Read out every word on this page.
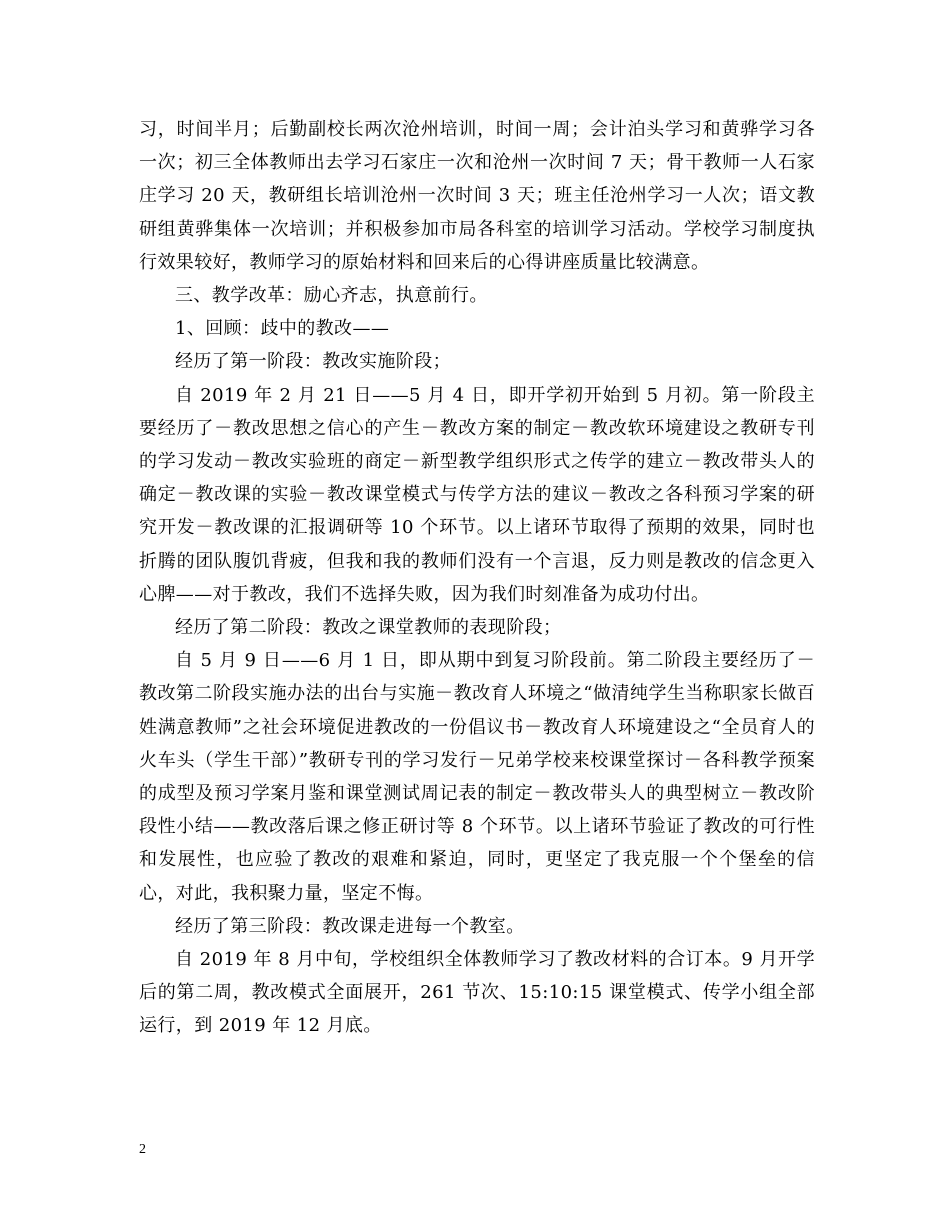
习，时间半月；后勤副校长两次沧州培训，时间一周；会计泊头学习和黄骅学习各一次；初三全体教师出去学习石家庄一次和沧州一次时间 7 天；骨干教师一人石家庄学习 20 天，教研组长培训沧州一次时间 3 天；班主任沧州学习一人次；语文教研组黄骅集体一次培训；并积极参加市局各科室的培训学习活动。学校学习制度执行效果较好，教师学习的原始材料和回来后的心得讲座质量比较满意。

三、教学改革：励心齐志，执意前行。

1、回顾：歧中的教改——

经历了第一阶段：教改实施阶段；

自 2019 年 2 月 21 日——5 月 4 日，即开学初开始到 5 月初。第一阶段主要经历了－教改思想之信心的产生－教改方案的制定－教改软环境建设之教研专刊的学习发动－教改实验班的商定－新型教学组织形式之传学的建立－教改带头人的确定－教改课的实验－教改课堂模式与传学方法的建议－教改之各科预习学案的研究开发－教改课的汇报调研等 10 个环节。以上诸环节取得了预期的效果，同时也折腾的团队腹饥背疲，但我和我的教师们没有一个言退，反力则是教改的信念更入心脾——对于教改，我们不选择失败，因为我们时刻准备为成功付出。

经历了第二阶段：教改之课堂教师的表现阶段；

自 5 月 9 日——6 月 1 日，即从期中到复习阶段前。第二阶段主要经历了－教改第二阶段实施办法的出台与实施－教改育人环境之“做清纯学生当称职家长做百姓满意教师”之社会环境促进教改的一份倡议书－教改育人环境建设之“全员育人的火车头（学生干部）”教研专刊的学习发行－兄弟学校来校课堂探讨－各科教学预案的成型及预习学案月鉴和课堂测试周记表的制定－教改带头人的典型树立－教改阶段性小结——教改落后课之修正研讨等 8 个环节。以上诸环节验证了教改的可行性和发展性，也应验了教改的艰难和紧迫，同时，更坚定了我克服一个个堡垒的信心，对此，我积聚力量，坚定不悔。

经历了第三阶段：教改课走进每一个教室。

自 2019 年 8 月中旬，学校组织全体教师学习了教改材料的合订本。9 月开学后的第二周，教改模式全面展开，261 节次、15:10:15 课堂模式、传学小组全部运行，到 2019 年 12 月底。

2
